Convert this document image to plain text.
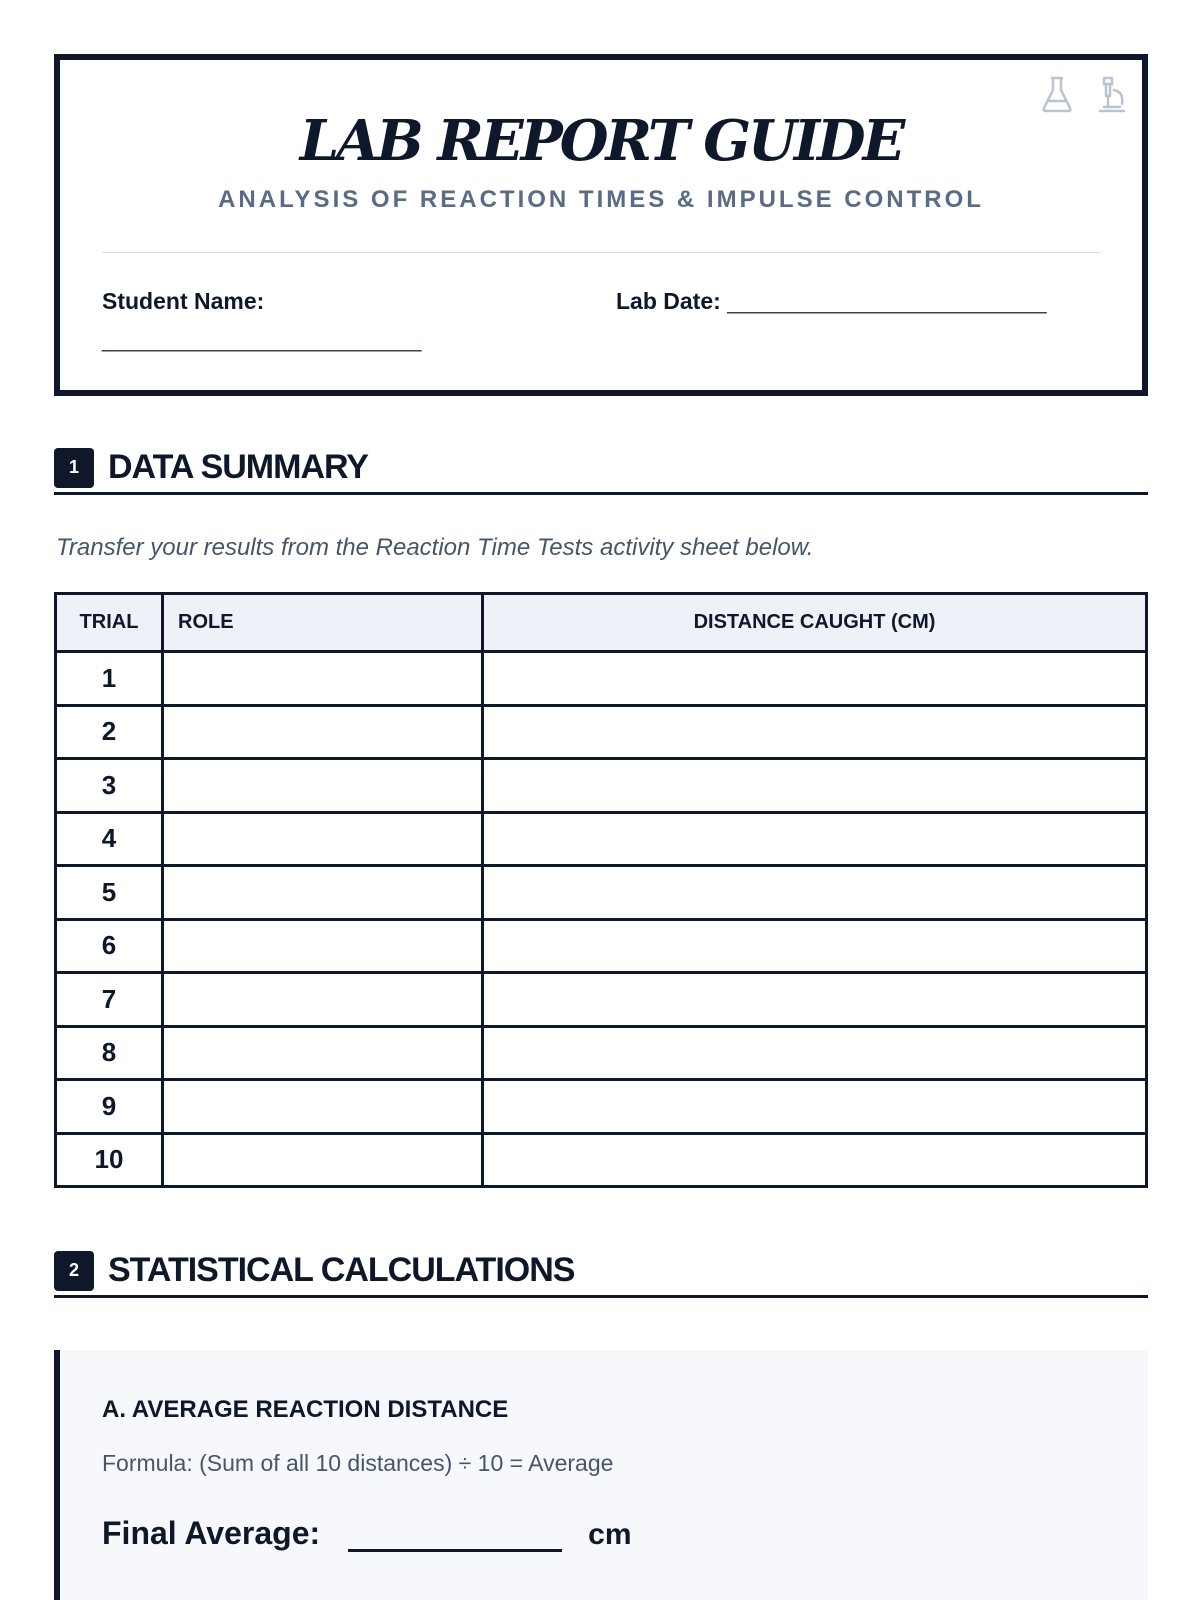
LAB REPORT GUIDE
ANALYSIS OF REACTION TIMES & IMPULSE CONTROL
Student Name:
___________________________
Lab Date: ___________________________
1 DATA SUMMARY
Transfer your results from the Reaction Time Tests activity sheet below.
TRIAL	ROLE	DISTANCE CAUGHT (CM)
1		
2		
3		
4		
5		
6		
7		
8		
9		
10		
2 STATISTICAL CALCULATIONS
A. AVERAGE REACTION DISTANCE
Formula: (Sum of all 10 distances) ÷ 10 = Average
Final Average:	cm
